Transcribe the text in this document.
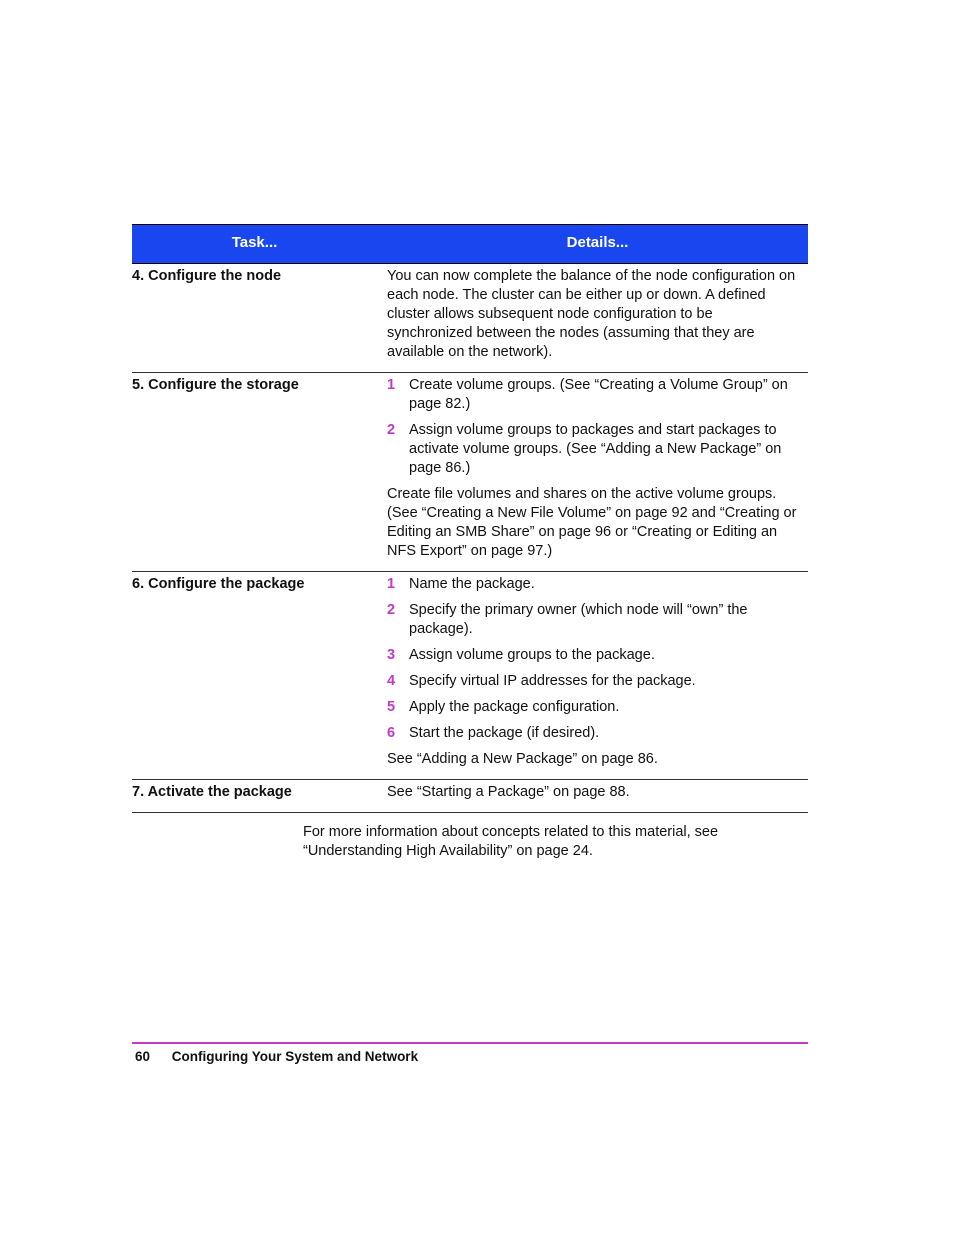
Task...	Details...
4. Configure the node	You can now complete the balance of the node configuration on each node. The cluster can be either up or down. A defined cluster allows subsequent node configuration to be synchronized between the nodes (assuming that they are available on the network).
5. Configure the storage	1 Create volume groups. (See “Creating a Volume Group” on page 82.)
2 Assign volume groups to packages and start packages to activate volume groups. (See “Adding a New Package” on page 86.)
Create file volumes and shares on the active volume groups. (See “Creating a New File Volume” on page 92 and “Creating or Editing an SMB Share” on page 96 or “Creating or Editing an NFS Export” on page 97.)
6. Configure the package	1 Name the package.
2 Specify the primary owner (which node will “own” the package).
3 Assign volume groups to the package.
4 Specify virtual IP addresses for the package.
5 Apply the package configuration.
6 Start the package (if desired).
See “Adding a New Package” on page 86.
7. Activate the package	See “Starting a Package” on page 88.
For more information about concepts related to this material, see “Understanding High Availability” on page 24.
60 Configuring Your System and Network
